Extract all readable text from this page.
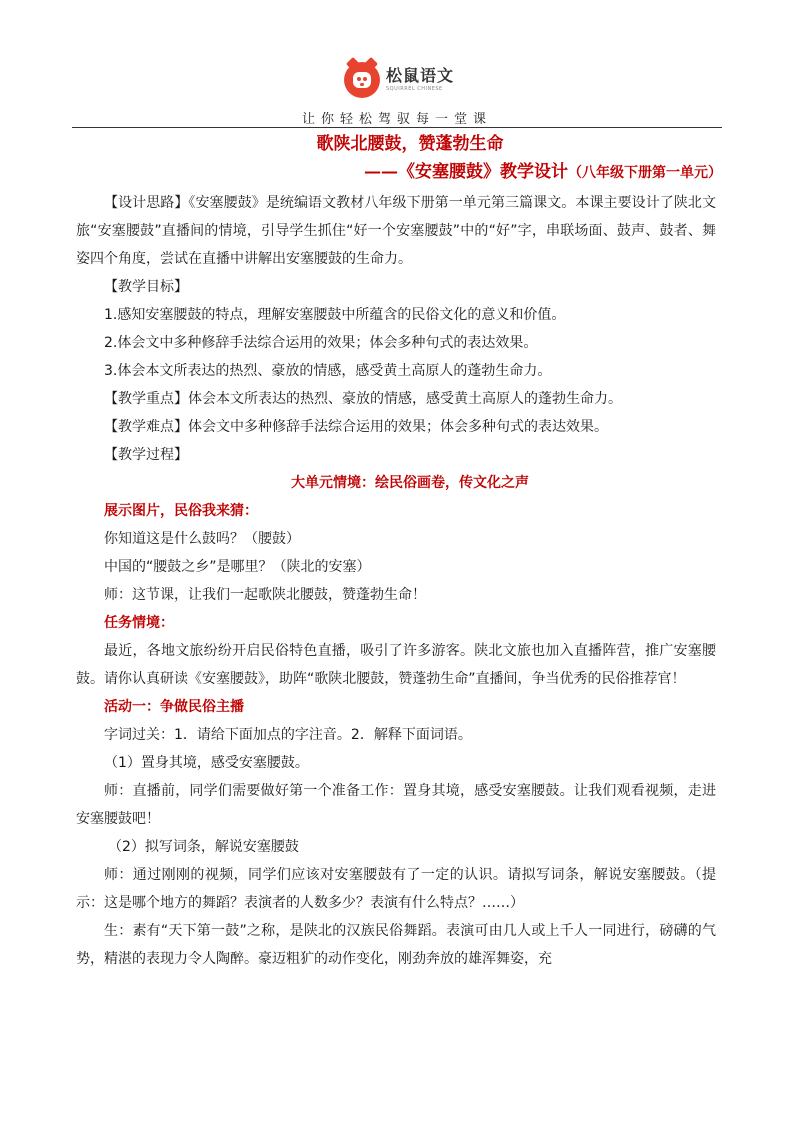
松鼠语文
SQUIRREL CHINESE
让你轻松驾驭每一堂课
歌陕北腰鼓，赞蓬勃生命
——《安塞腰鼓》教学设计（八年级下册第一单元）

【设计思路】《安塞腰鼓》是统编语文教材八年级下册第一单元第三篇课文。本课主要设计了陕北文旅“安塞腰鼓”直播间的情境，引导学生抓住“好一个安塞腰鼓”中的“好”字，串联场面、鼓声、鼓者、舞姿四个角度，尝试在直播中讲解出安塞腰鼓的生命力。

【教学目标】

1.感知安塞腰鼓的特点，理解安塞腰鼓中所蕴含的民俗文化的意义和价值。

2.体会文中多种修辞手法综合运用的效果；体会多种句式的表达效果。

3.体会本文所表达的热烈、豪放的情感，感受黄土高原人的蓬勃生命力。

【教学重点】体会本文所表达的热烈、豪放的情感，感受黄土高原人的蓬勃生命力。

【教学难点】体会文中多种修辞手法综合运用的效果；体会多种句式的表达效果。

【教学过程】

大单元情境：绘民俗画卷，传文化之声

展示图片，民俗我来猜：

你知道这是什么鼓吗？（腰鼓）

中国的“腰鼓之乡”是哪里？（陕北的安塞）

师：这节课，让我们一起歌陕北腰鼓，赞蓬勃生命！

任务情境：

最近，各地文旅纷纷开启民俗特色直播，吸引了许多游客。陕北文旅也加入直播阵营，推广安塞腰鼓。请你认真研读《安塞腰鼓》，助阵“歌陕北腰鼓，赞蓬勃生命”直播间，争当优秀的民俗推荐官！

活动一：争做民俗主播

字词过关：1．请给下面加点的字注音。2．解释下面词语。

（1）置身其境，感受安塞腰鼓。

师：直播前，同学们需要做好第一个准备工作：置身其境，感受安塞腰鼓。让我们观看视频，走进安塞腰鼓吧！

（2）拟写词条，解说安塞腰鼓

师：通过刚刚的视频，同学们应该对安塞腰鼓有了一定的认识。请拟写词条，解说安塞腰鼓。（提示：这是哪个地方的舞蹈？表演者的人数多少？表演有什么特点？……）

生：素有“天下第一鼓”之称，是陕北的汉族民俗舞蹈。表演可由几人或上千人一同进行，磅礴的气势，精湛的表现力令人陶醉。豪迈粗犷的动作变化，刚劲奔放的雄浑舞姿，充
